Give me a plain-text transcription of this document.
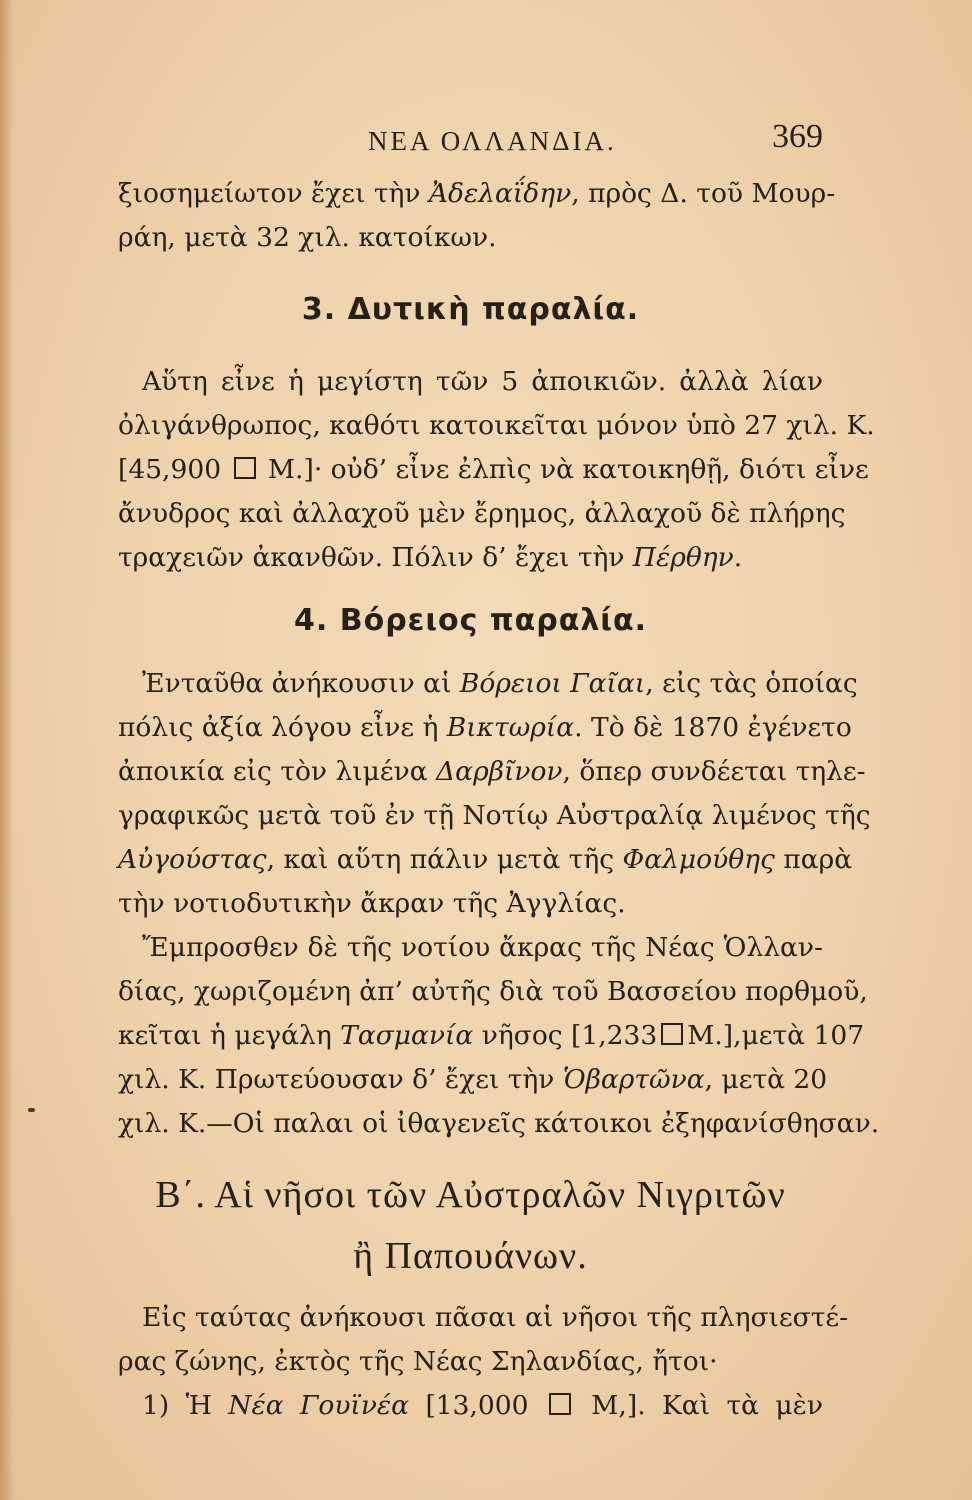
ΝΕΑ ΟΛΛΑΝΔΙΑ.	369
ξιοσημείωτον ἔχει τὴν Ἀδελαΐδην, πρὸς Δ. τοῦ Μουρ-
ράη, μετὰ 32 χιλ. κατοίκων.
3. Δυτικὴ παραλία.
Αὕτη εἶνε ἡ μεγίστη τῶν 5 ἀποικιῶν. ἀλλὰ λίαν
ὀλιγάνθρωπος, καθότι κατοικεῖται μόνον ὑπὸ 27 χιλ. Κ.
[45,900  Μ.]· οὐδ’ εἶνε ἐλπὶς νὰ κατοικηθῇ, διότι εἶνε
ἄνυδρος καὶ ἀλλαχοῦ μὲν ἔρημος, ἀλλαχοῦ δὲ πλήρης
τραχειῶν ἀκανθῶν. Πόλιν δ’ ἔχει τὴν Πέρθην.
4. Βόρειος παραλία.
Ἐνταῦθα ἀνήκουσιν αἱ Βόρειοι Γαῖαι, εἰς τὰς ὁποίας
πόλις ἀξία λόγου εἶνε ἡ Βικτωρία. Τὸ δὲ 1870 ἐγένετο
ἀποικία εἰς τὸν λιμένα Δαρβῖνον, ὅπερ συνδέεται τηλε-
γραφικῶς μετὰ τοῦ ἐν τῇ Νοτίῳ Αὐστραλίᾳ λιμένος τῆς
Αὐγούστας, καὶ αὕτη πάλιν μετὰ τῆς Φαλμούθης παρὰ
τὴν νοτιοδυτικὴν ἄκραν τῆς Ἀγγλίας.
Ἔμπροσθεν δὲ τῆς νοτίου ἄκρας τῆς Νέας Ὁλλαν-
δίας, χωριζομένη ἀπ’ αὐτῆς διὰ τοῦ Βασσείου πορθμοῦ,
κεῖται ἡ μεγάλη Τασμανία νῆσος [1,233 Μ.],μετὰ 107
χιλ. Κ. Πρωτεύουσαν δ’ ἔχει τὴν Ὁβαρτῶνα, μετὰ 20
χιλ. Κ.—Οἱ παλαι οἱ ἰθαγενεῖς κάτοικοι ἐξηφανίσθησαν.
Β΄. Αἱ νῆσοι τῶν Αὐστραλῶν Νιγριτῶν
ἢ Παπουάνων.
Εἰς ταύτας ἀνήκουσι πᾶσαι αἱ νῆσοι τῆς πλησιεστέ-
ρας ζώνης, ἐκτὸς τῆς Νέας Σηλανδίας, ἤτοι·
1) Ἡ Νέα Γουϊνέα [13,000  Μ,]. Καὶ τὰ μὲν
